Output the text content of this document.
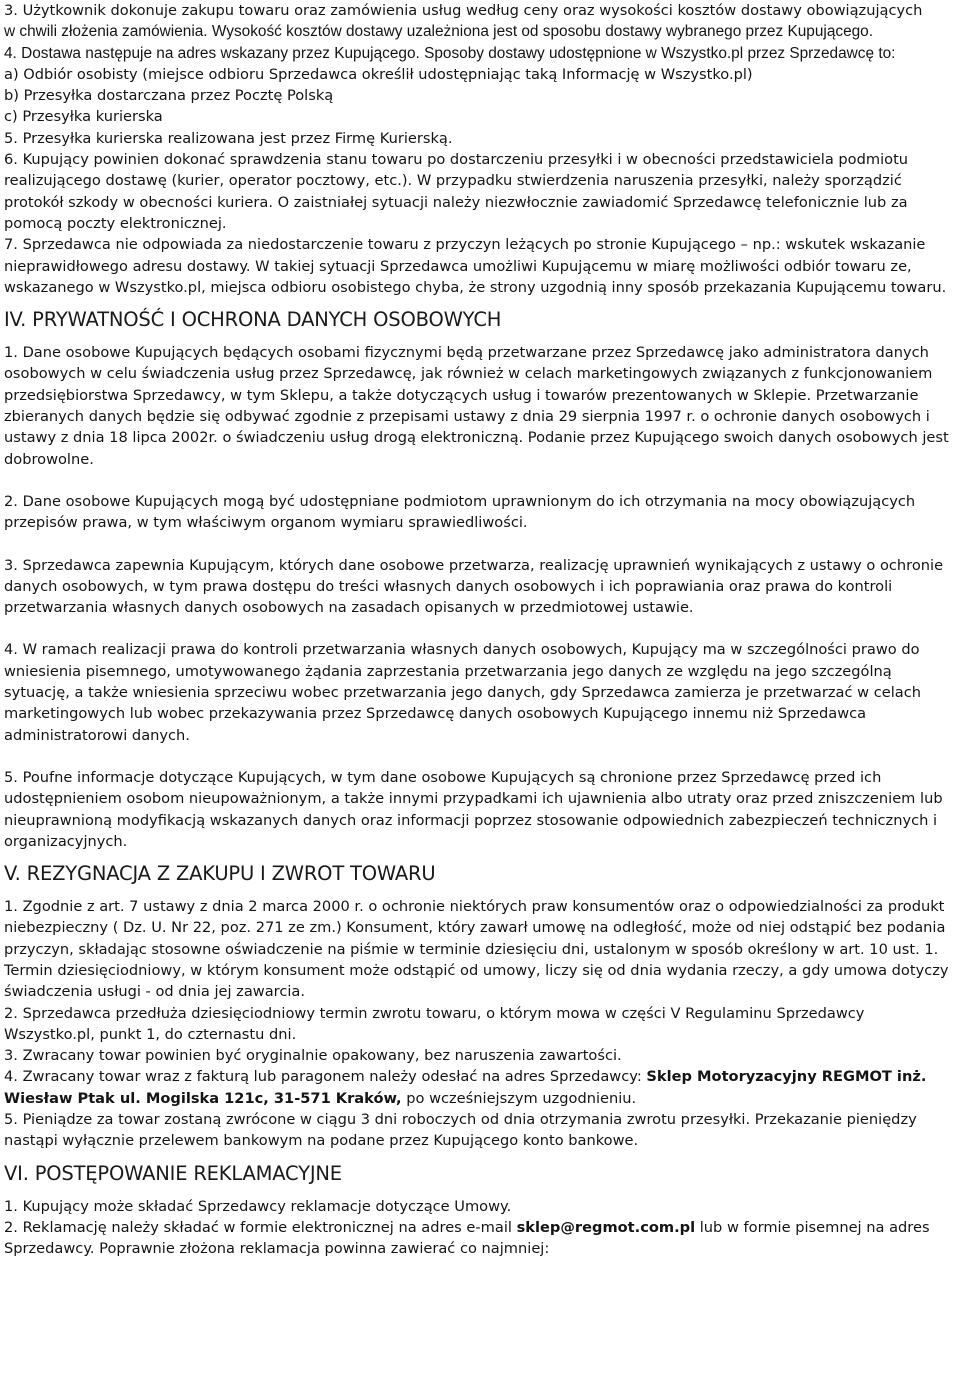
3. Użytkownik dokonuje zakupu towaru oraz zamówienia usług według ceny oraz wysokości kosztów dostawy obowiązujących

w chwili złożenia zamówienia. Wysokość kosztów dostawy uzależniona jest od sposobu dostawy wybranego przez Kupującego.

4. Dostawa następuje na adres wskazany przez Kupującego. Sposoby dostawy udostępnione w Wszystko.pl przez Sprzedawcę to:

a) Odbiór osobisty (miejsce odbioru Sprzedawca określił udostępniając taką Informację w Wszystko.pl)

b) Przesyłka dostarczana przez Pocztę Polską

c) Przesyłka kurierska

5. Przesyłka kurierska realizowana jest przez Firmę Kurierską.

6. Kupujący powinien dokonać sprawdzenia stanu towaru po dostarczeniu przesyłki i w obecności przedstawiciela podmiotu realizującego dostawę (kurier, operator pocztowy, etc.). W przypadku stwierdzenia naruszenia przesyłki, należy sporządzić protokół szkody w obecności kuriera. O zaistniałej sytuacji należy niezwłocznie zawiadomić Sprzedawcę telefonicznie lub za pomocą poczty elektronicznej.

7. Sprzedawca nie odpowiada za niedostarczenie towaru z przyczyn leżących po stronie Kupującego – np.: wskutek wskazanie nieprawidłowego adresu dostawy. W takiej sytuacji Sprzedawca umożliwi Kupującemu w miarę możliwości odbiór towaru ze, wskazanego w Wszystko.pl, miejsca odbioru osobistego chyba, że strony uzgodnią inny sposób przekazania Kupującemu towaru.

IV. PRYWATNOŚĆ I OCHRONA DANYCH OSOBOWYCH

1. Dane osobowe Kupujących będących osobami fizycznymi będą przetwarzane przez Sprzedawcę jako administratora danych osobowych w celu świadczenia usług przez Sprzedawcę, jak również w celach marketingowych związanych z funkcjonowaniem przedsiębiorstwa Sprzedawcy, w tym Sklepu, a także dotyczących usług i towarów prezentowanych w Sklepie. Przetwarzanie zbieranych danych będzie się odbywać zgodnie z przepisami ustawy z dnia 29 sierpnia 1997 r. o ochronie danych osobowych i ustawy z dnia 18 lipca 2002r. o świadczeniu usług drogą elektroniczną. Podanie przez Kupującego swoich danych osobowych jest dobrowolne.

2. Dane osobowe Kupujących mogą być udostępniane podmiotom uprawnionym do ich otrzymania na mocy obowiązujących przepisów prawa, w tym właściwym organom wymiaru sprawiedliwości.

3. Sprzedawca zapewnia Kupującym, których dane osobowe przetwarza, realizację uprawnień wynikających z ustawy o ochronie danych osobowych, w tym prawa dostępu do treści własnych danych osobowych i ich poprawiania oraz prawa do kontroli przetwarzania własnych danych osobowych na zasadach opisanych w przedmiotowej ustawie.

4. W ramach realizacji prawa do kontroli przetwarzania własnych danych osobowych, Kupujący ma w szczególności prawo do wniesienia pisemnego, umotywowanego żądania zaprzestania przetwarzania jego danych ze względu na jego szczególną sytuację, a także wniesienia sprzeciwu wobec przetwarzania jego danych, gdy Sprzedawca zamierza je przetwarzać w celach marketingowych lub wobec przekazywania przez Sprzedawcę danych osobowych Kupującego innemu niż Sprzedawca administratorowi danych.

5. Poufne informacje dotyczące Kupujących, w tym dane osobowe Kupujących są chronione przez Sprzedawcę przed ich udostępnieniem osobom nieupoważnionym, a także innymi przypadkami ich ujawnienia albo utraty oraz przed zniszczeniem lub nieuprawnioną modyfikacją wskazanych danych oraz informacji poprzez stosowanie odpowiednich zabezpieczeń technicznych i organizacyjnych.

V. REZYGNACJA Z ZAKUPU I ZWROT TOWARU

1. Zgodnie z art. 7 ustawy z dnia 2 marca 2000 r. o ochronie niektórych praw konsumentów oraz o odpowiedzialności za produkt niebezpieczny ( Dz. U. Nr 22, poz. 271 ze zm.) Konsument, który zawarł umowę na odległość, może od niej odstąpić bez podania przyczyn, składając stosowne oświadczenie na piśmie w terminie dziesięciu dni, ustalonym w sposób określony w art. 10 ust. 1. Termin dziesięciodniowy, w którym konsument może odstąpić od umowy, liczy się od dnia wydania rzeczy, a gdy umowa dotyczy świadczenia usługi - od dnia jej zawarcia.

2. Sprzedawca przedłuża dziesięciodniowy termin zwrotu towaru, o którym mowa w części V Regulaminu Sprzedawcy Wszystko.pl, punkt 1, do czternastu dni.

3. Zwracany towar powinien być oryginalnie opakowany, bez naruszenia zawartości.

4. Zwracany towar wraz z fakturą lub paragonem należy odesłać na adres Sprzedawcy: Sklep Motoryzacyjny REGMOT inż. Wiesław Ptak ul. Mogilska 121c, 31-571 Kraków, po wcześniejszym uzgodnieniu.

5. Pieniądze za towar zostaną zwrócone w ciągu 3 dni roboczych od dnia otrzymania zwrotu przesyłki. Przekazanie pieniędzy nastąpi wyłącznie przelewem bankowym na podane przez Kupującego konto bankowe.

VI. POSTĘPOWANIE REKLAMACYJNE

1. Kupujący może składać Sprzedawcy reklamacje dotyczące Umowy.

2. Reklamację należy składać w formie elektronicznej na adres e-mail sklep@regmot.com.pl lub w formie pisemnej na adres Sprzedawcy. Poprawnie złożona reklamacja powinna zawierać co najmniej:
